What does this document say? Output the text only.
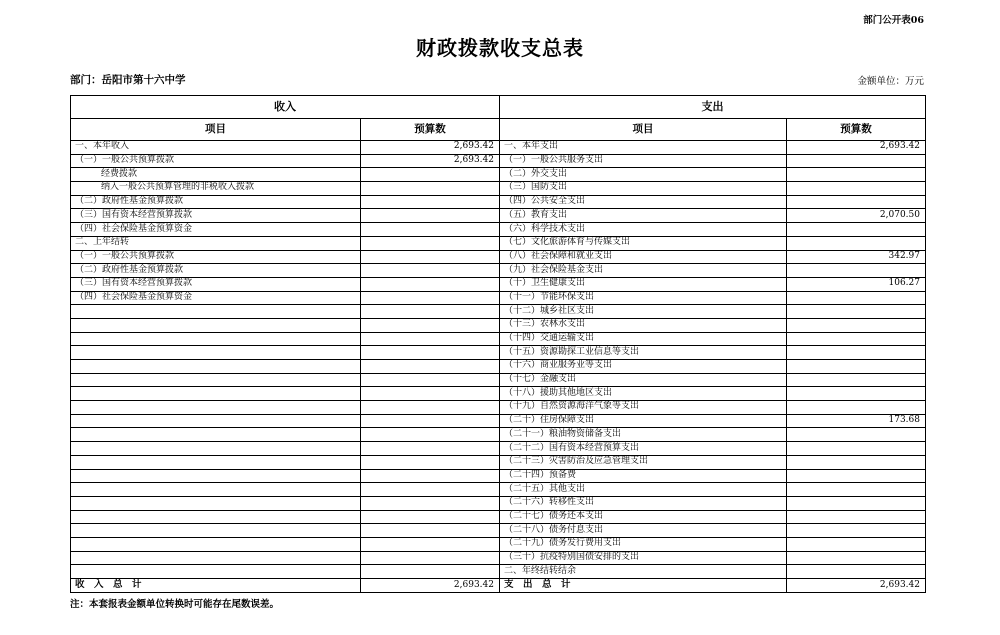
部门公开表06
财政拨款收支总表
部门：岳阳市第十六中学	金额单位：万元
收入		支出	
项目	预算数	项目	预算数
一、本年收入	2,693.42	一、本年支出	2,693.42
（一）一般公共预算拨款	2,693.42	（一）一般公共服务支出	
经费拨款		（二）外交支出	
纳入一般公共预算管理的非税收入拨款		（三）国防支出	
（二）政府性基金预算拨款		（四）公共安全支出	
（三）国有资本经营预算拨款		（五）教育支出	2,070.50
（四）社会保险基金预算资金		（六）科学技术支出	
二、上年结转		（七）文化旅游体育与传媒支出	
（一）一般公共预算拨款		（八）社会保障和就业支出	342.97
（二）政府性基金预算拨款		（九）社会保险基金支出	
（三）国有资本经营预算拨款		（十）卫生健康支出	106.27
（四）社会保险基金预算资金		（十一）节能环保支出	
		（十二）城乡社区支出	
		（十三）农林水支出	
		（十四）交通运输支出	
		（十五）资源勘探工业信息等支出	
		（十六）商业服务业等支出	
		（十七）金融支出	
		（十八）援助其他地区支出	
		（十九）自然资源海洋气象等支出	
		（二十）住房保障支出	173.68
		（二十一）粮油物资储备支出	
		（二十二）国有资本经营预算支出	
		（二十三）灾害防治及应急管理支出	
		（二十四）预备费	
		（二十五）其他支出	
		（二十六）转移性支出	
		（二十七）债务还本支出	
		（二十八）债务付息支出	
		（二十九）债务发行费用支出	
		（三十）抗疫特别国债安排的支出	
		二、年终结转结余	
收　入　总　计	2,693.42	支　出　总　计	2,693.42
注：本套报表金额单位转换时可能存在尾数误差。
